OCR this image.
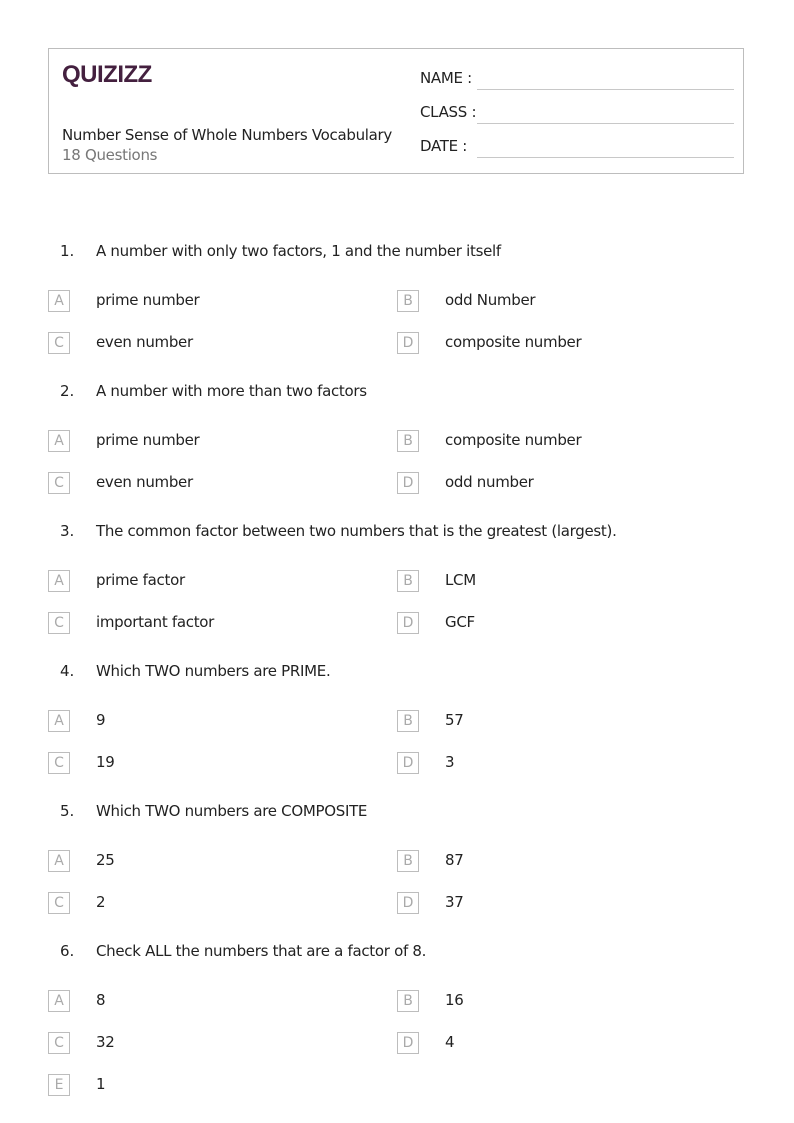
QUIZIZZ
Number Sense of Whole Numbers Vocabulary
18 Questions
NAME :
CLASS :
DATE :
1. A number with only two factors, 1 and the number itself
A	prime number	B	odd Number
C	even number	D	composite number
2. A number with more than two factors
A	prime number	B	composite number
C	even number	D	odd number
3. The common factor between two numbers that is the greatest (largest).
A	prime factor	B	LCM
C	important factor	D	GCF
4. Which TWO numbers are PRIME.
A	9	B	57
C	19	D	3
5. Which TWO numbers are COMPOSITE
A	25	B	87
C	2	D	37
6. Check ALL the numbers that are a factor of 8.
A	8	B	16
C	32	D	4
E	1
